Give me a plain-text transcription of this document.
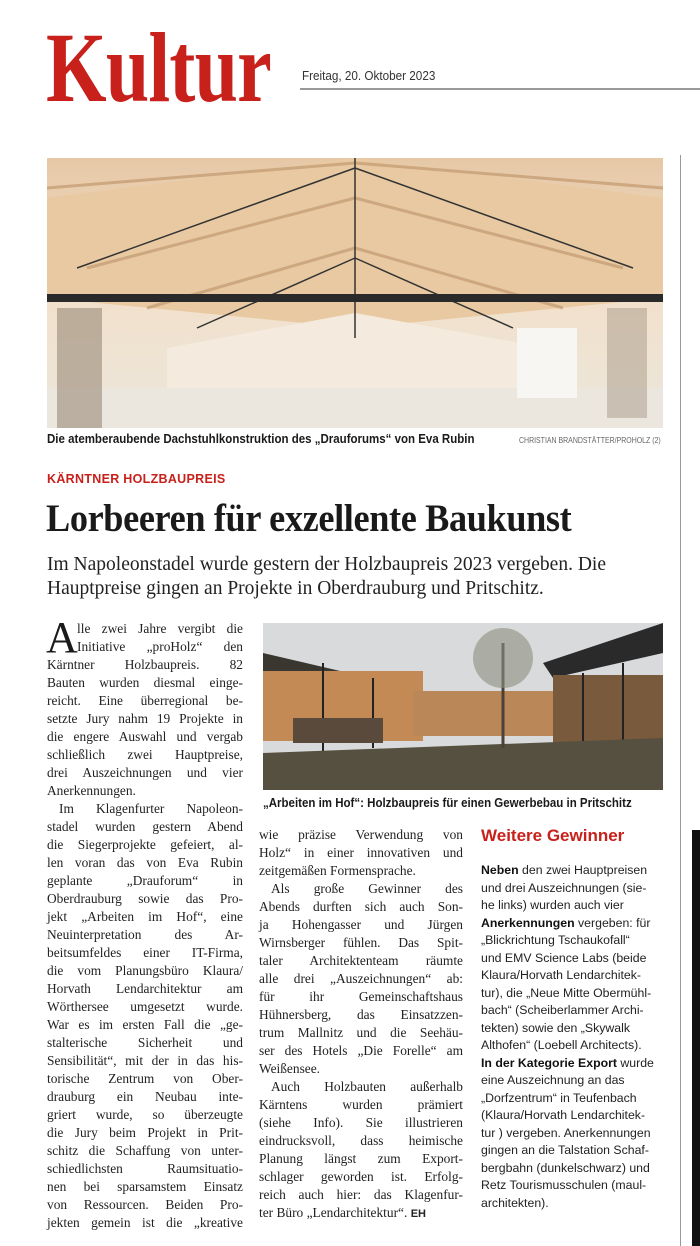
Kultur Freitag, 20. Oktober 2023
Die atemberaubende Dachstuhlkonstruktion des „Drauforums“ von Eva Rubin	CHRISTIAN BRANDSTÄTTER/PROHOLZ (2)
KÄRNTNER HOLZBAUPREIS
Lorbeeren für exzellente Baukunst
Im Napoleonstadel wurde gestern der Holzbaupreis 2023 vergeben. Die Hauptpreise gingen an Projekte in Oberdrauburg und Pritschitz.
A lle zwei Jahre vergibt die
Initiative „proHolz“ den
Kärntner Holzbaupreis. 82
Bauten wurden diesmal einge-
reicht. Eine überregional be-
setzte Jury nahm 19 Projekte in
die engere Auswahl und vergab
schließlich zwei Hauptpreise,
drei Auszeichnungen und vier
Anerkennungen.
Im Klagenfurter Napoleon-
stadel wurden gestern Abend
die Siegerprojekte gefeiert, al-
len voran das von Eva Rubin
geplante „Drauforum“ in
Oberdrauburg sowie das Pro-
jekt „Arbeiten im Hof“, eine
Neuinterpretation des Ar-
beitsumfeldes einer IT-Firma,
die vom Planungsbüro Klaura/
Horvath Lendarchitektur am
Wörthersee umgesetzt wurde.
War es im ersten Fall die „ge-
stalterische Sicherheit und
Sensibilität“, mit der in das his-
torische Zentrum von Ober-
drauburg ein Neubau inte-
griert wurde, so überzeugte
die Jury beim Projekt in Prit-
schitz die Schaffung von unter-
schiedlichsten Raumsituatio-
nen bei sparsamstem Einsatz
von Ressourcen. Beiden Pro-
jekten gemein ist die „kreative
wie präzise Verwendung von
Holz“ in einer innovativen und
zeitgemäßen Formensprache.
Als große Gewinner des
Abends durften sich auch Son-
ja Hohengasser und Jürgen
Wirnsberger fühlen. Das Spit-
taler Architektenteam räumte
alle drei „Auszeichnungen“ ab:
für ihr Gemeinschaftshaus
Hühnersberg, das Einsatzzen-
trum Mallnitz und die Seehäu-
ser des Hotels „Die Forelle“ am
Weißensee.
Auch Holzbauten außerhalb
Kärntens wurden prämiert
(siehe Info). Sie illustrieren
eindrucksvoll, dass heimische
Planung längst zum Export-
schlager geworden ist. Erfolg-
reich auch hier: das Klagenfur-
ter Büro „Lendarchitektur“. EH
„Arbeiten im Hof“: Holzbaupreis für einen Gewerbebau in Pritschitz
Weitere Gewinner
Neben den zwei Hauptpreisen
und drei Auszeichnungen (sie-
he links) wurden auch vier
Anerkennungen vergeben: für
„Blickrichtung Tschaukofall“
und EMV Science Labs (beide
Klaura/Horvath Lendarchitek-
tur), die „Neue Mitte Obermühl-
bach“ (Scheiberlammer Archi-
tekten) sowie den „Skywalk
Althofen“ (Loebell Architects).
In der Kategorie Export wurde
eine Auszeichnung an das
„Dorfzentrum“ in Teufenbach
(Klaura/Horvath Lendarchitek-
tur ) vergeben. Anerkennungen
gingen an die Talstation Schaf-
bergbahn (dunkelschwarz) und
Retz Tourismusschulen (maul-
architekten).
